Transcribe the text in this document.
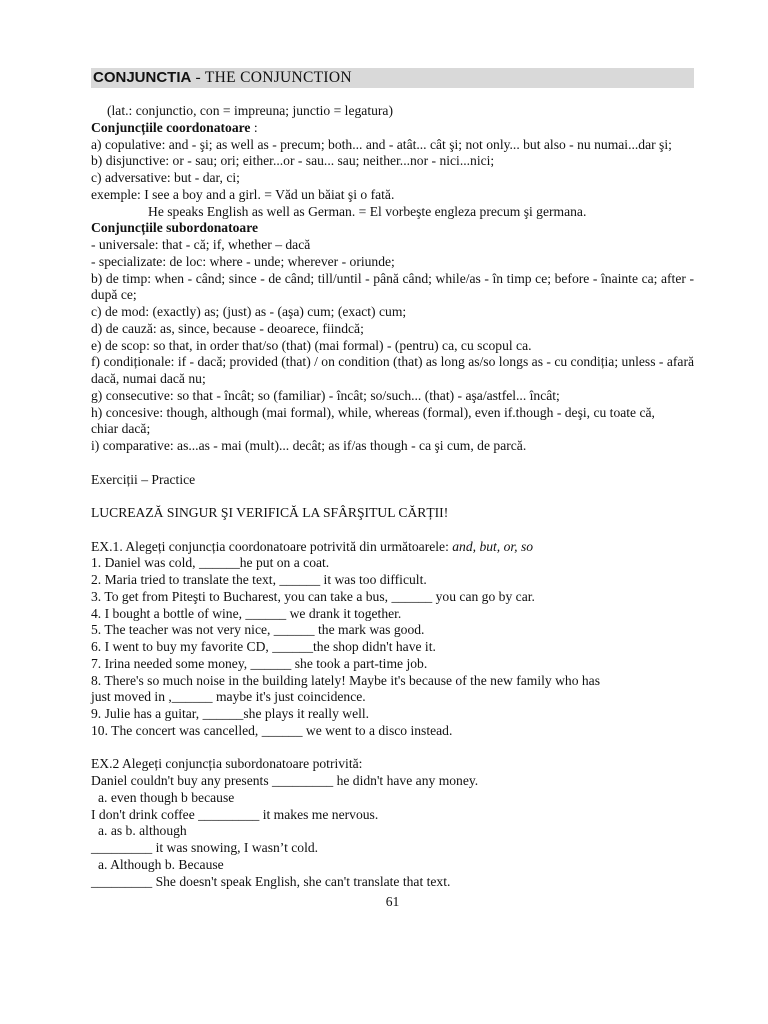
CONJUNCTIA - THE CONJUNCTION
(lat.: conjunctio, con = impreuna; junctio = legatura)
Conjuncțiile coordonatoare :
a) copulative: and - şi; as well as - precum; both... and - atât... cât şi; not only... but also - nu numai...dar şi;
b) disjunctive: or - sau; ori; either...or - sau... sau; neither...nor - nici...nici;
c) adversative: but - dar, ci;
exemple: I see a boy and a girl. = Văd un băiat şi o fată.
He speaks English as well as German. = El vorbeşte engleza precum şi germana.
Conjuncțiile subordonatoare
- universale: that - că; if, whether – dacă
- specializate: de loc: where - unde; wherever - oriunde;
b) de timp: when - când; since - de când; till/until - până când; while/as - în timp ce; before - înainte ca; after - după ce;
c) de mod: (exactly) as; (just) as - (aşa) cum; (exact) cum;
d) de cauză: as, since, because - deoarece, fiindcă;
e) de scop: so that, in order that/so (that) (mai formal) - (pentru) ca, cu scopul ca.
f) condiționale: if - dacă; provided (that) / on condition (that) as long as/so longs as - cu condiția; unless - afară dacă, numai dacă nu;
g) consecutive: so that - încât; so (familiar) - încât; so/such... (that) - aşa/astfel... încât;
h) concesive: though, although (mai formal), while, whereas (formal), even if.though - deşi, cu toate că,
chiar dacă;
i) comparative: as...as - mai (mult)... decât; as if/as though - ca şi cum, de parcă.
Exerciții – Practice
LUCREAZĂ SINGUR ŞI VERIFICĂ LA SFÂRŞITUL CĂRȚII!
EX.1. Alegeți conjuncția coordonatoare potrivită din următoarele: and, but, or, so
1. Daniel was cold, ______he put on a coat.
2. Maria tried to translate the text, ______ it was too difficult.
3. To get from Piteşti to Bucharest, you can take a bus, ______ you can go by car.
4. I bought a bottle of wine, ______ we drank it together.
5. The teacher was not very nice, ______ the mark was good.
6. I went to buy my favorite CD, ______the shop didn't have it.
7. Irina needed some money, ______ she took a part-time job.
8. There's so much noise in the building lately! Maybe it's because of the new family who has
just moved in ,______ maybe it's just coincidence.
9. Julie has a guitar, ______she plays it really well.
10. The concert was cancelled, ______ we went to a disco instead.
EX.2 Alegeți conjuncția subordonatoare potrivită:
Daniel couldn't buy any presents _________ he didn't have any money.
a. even though b because
I don't drink coffee _________ it makes me nervous.
a. as b. although
_________ it was snowing, I wasn’t cold.
a. Although b. Because
_________ She doesn't speak English, she can't translate that text.
61
